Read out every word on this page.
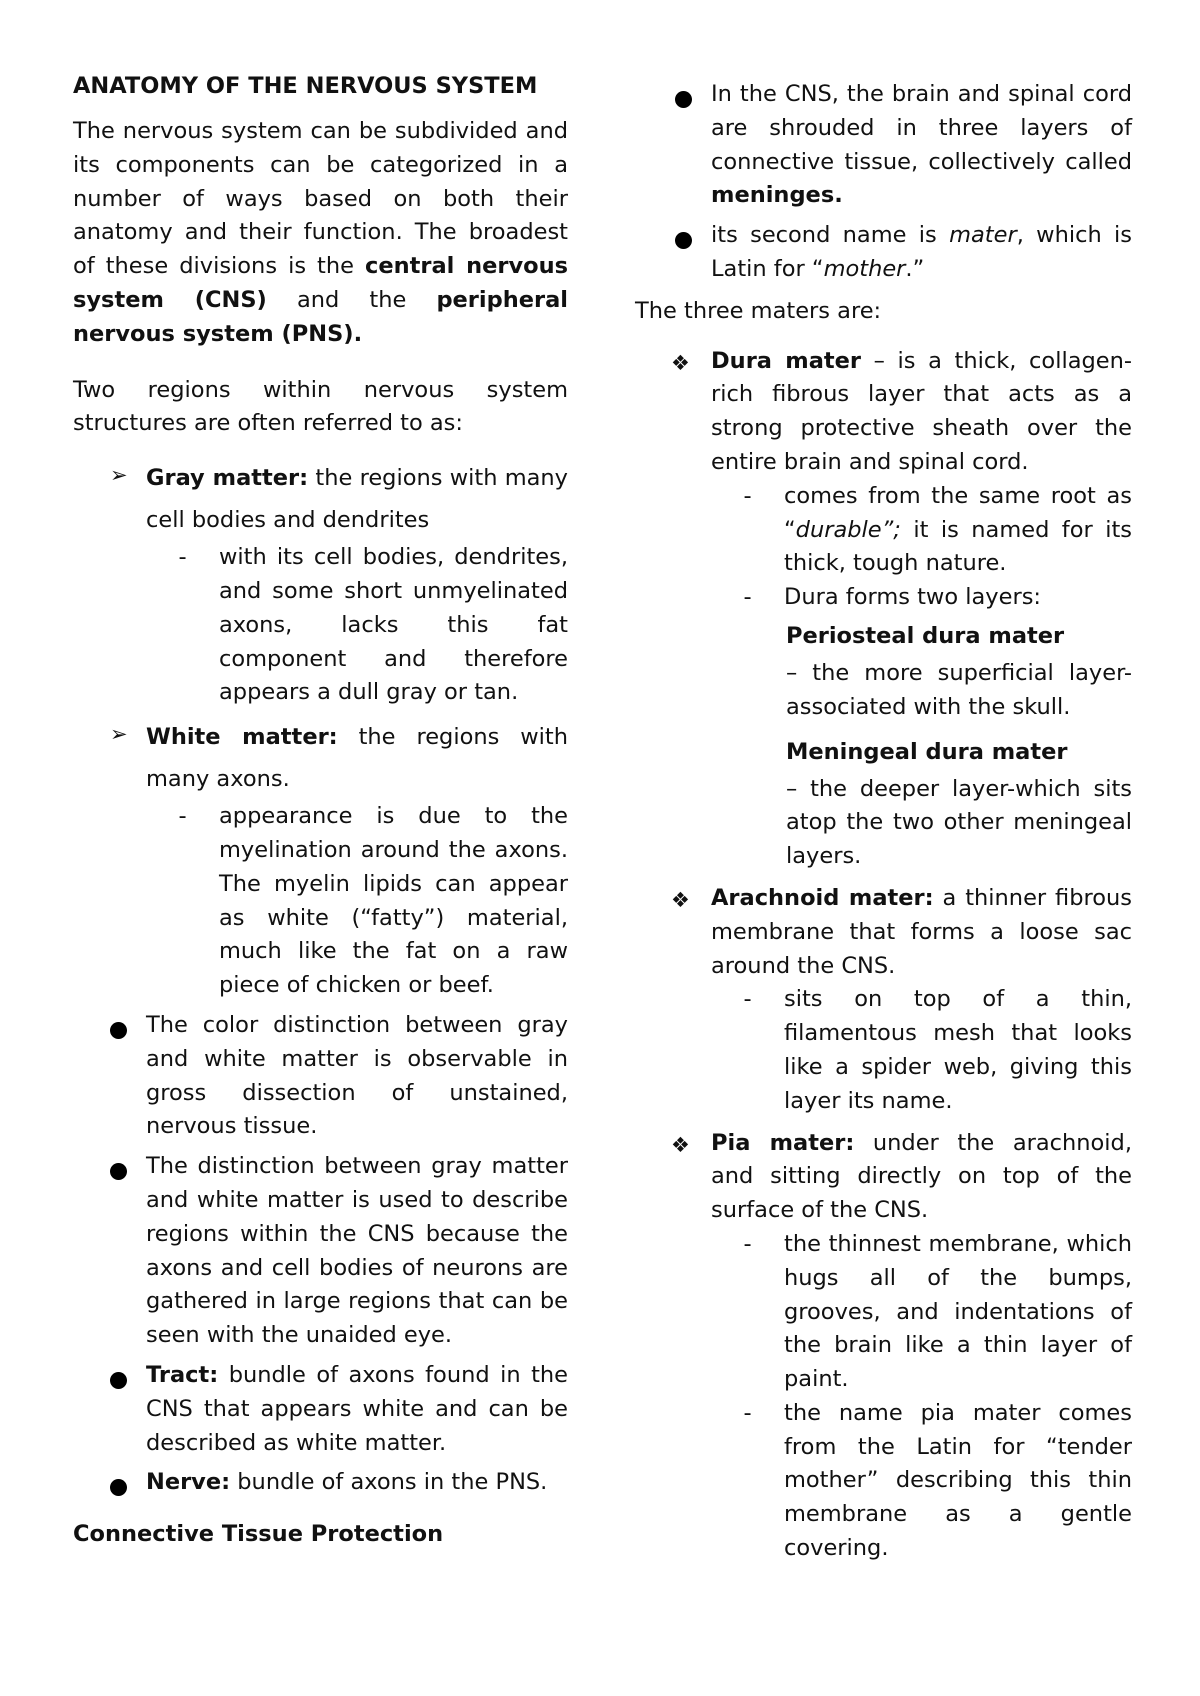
ANATOMY OF THE NERVOUS SYSTEM

The nervous system can be subdivided and its components can be categorized in a number of ways based on both their anatomy and their function. The broadest of these divisions is the central nervous system (CNS) and the peripheral nervous system (PNS).

Two regions within nervous system structures are often referred to as:

➢ Gray matter: the regions with many cell bodies and dendrites
-	with its cell bodies, dendrites, and some short unmyelinated axons, lacks this fat component and therefore appears a dull gray or tan.
➢ White matter: the regions with many axons.
-	appearance is due to the myelination around the axons. The myelin lipids can appear as white (“fatty”) material, much like the fat on a raw piece of chicken or beef.
The color distinction between gray and white matter is observable in gross dissection of unstained, nervous tissue.
The distinction between gray matter and white matter is used to describe regions within the CNS because the axons and cell bodies of neurons are gathered in large regions that can be seen with the unaided eye.
Tract: bundle of axons found in the CNS that appears white and can be described as white matter.
Nerve: bundle of axons in the PNS.

Connective Tissue Protection

In the CNS, the brain and spinal cord are shrouded in three layers of connective tissue, collectively called meninges.
its second name is mater, which is Latin for “mother.”

The three maters are:

❖ Dura mater – is a thick, collagen-rich fibrous layer that acts as a strong protective sheath over the entire brain and spinal cord.
-	comes from the same root as “durable”; it is named for its thick, tough nature.
-	Dura forms two layers:
Periosteal dura mater
– the more superficial layer-associated with the skull.
Meningeal dura mater
– the deeper layer-which sits atop the two other meningeal layers.
❖ Arachnoid mater: a thinner fibrous membrane that forms a loose sac around the CNS.
-	sits on top of a thin, filamentous mesh that looks like a spider web, giving this layer its name.
❖ Pia mater: under the arachnoid, and sitting directly on top of the surface of the CNS.
-	the thinnest membrane, which hugs all of the bumps, grooves, and indentations of the brain like a thin layer of paint.
-	the name pia mater comes from the Latin for “tender mother” describing this thin membrane as a gentle covering.
